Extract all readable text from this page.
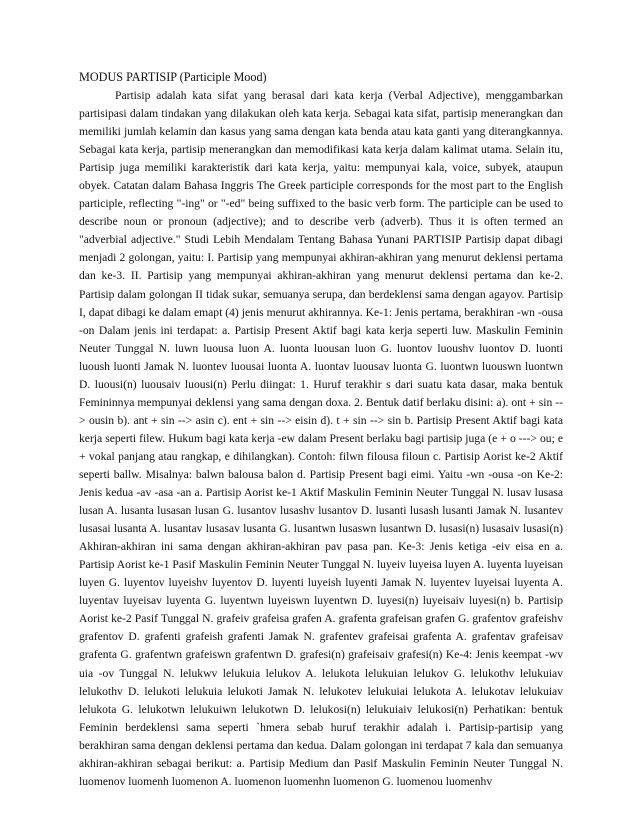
MODUS PARTISIP (Participle Mood)

Partisip adalah kata sifat yang berasal dari kata kerja (Verbal Adjective), menggambarkan partisipasi dalam tindakan yang dilakukan oleh kata kerja. Sebagai kata sifat, partisip menerangkan dan memiliki jumlah kelamin dan kasus yang sama dengan kata benda atau kata ganti yang diterangkannya. Sebagai kata kerja, partisip menerangkan dan memodifikasi kata kerja dalam kalimat utama. Selain itu, Partisip juga memiliki karakteristik dari kata kerja, yaitu: mempunyai kala, voice, subyek, ataupun obyek. Catatan dalam Bahasa Inggris The Greek participle corresponds for the most part to the English participle, reflecting "-ing" or "-ed" being suffixed to the basic verb form. The participle can be used to describe noun or pronoun (adjective); and to describe verb (adverb). Thus it is often termed an "adverbial adjective." Studi Lebih Mendalam Tentang Bahasa Yunani PARTISIP Partisip dapat dibagi menjadi 2 golongan, yaitu: I. Partisip yang mempunyai akhiran-akhiran yang menurut deklensi pertama dan ke-3. II. Partisip yang mempunyai akhiran-akhiran yang menurut deklensi pertama dan ke-2. Partisip dalam golongan II tidak sukar, semuanya serupa, dan berdeklensi sama dengan agayov. Partisip I, dapat dibagi ke dalam emapt (4) jenis menurut akhirannya. Ke-1: Jenis pertama, berakhiran -wn -ousa -on Dalam jenis ini terdapat: a. Partisip Present Aktif bagi kata kerja seperti luw. Maskulin Feminin Neuter Tunggal N. luwn luousa luon A. luonta luousan luon G. luontov luoushv luontov D. luonti luoush luonti Jamak N. luontev luousai luonta A. luontav luousav luonta G. luontwn luouswn luontwn D. luousi(n) luousaiv luousi(n) Perlu diingat: 1. Huruf terakhir s dari suatu kata dasar, maka bentuk Femininnya mempunyai deklensi yang sama dengan doxa. 2. Bentuk datif berlaku disini: a). ont + sin --> ousin b). ant + sin --> asin c). ent + sin --> eisin d). t + sin --> sin b. Partisip Present Aktif bagi kata kerja seperti filew. Hukum bagi kata kerja -ew dalam Present berlaku bagi partisip juga (e + o ---> ou; e + vokal panjang atau rangkap, e dihilangkan). Contoh: filwn filousa filoun c. Partisip Aorist ke-2 Aktif seperti ballw. Misalnya: balwn balousa balon d. Partisip Present bagi eimi. Yaitu -wn -ousa -on Ke-2: Jenis kedua -av -asa -an a. Partisip Aorist ke-1 Aktif Maskulin Feminin Neuter Tunggal N. lusav lusasa lusan A. lusanta lusasan lusan G. lusantov lusashv lusantov D. lusanti lusash lusanti Jamak N. lusantev lusasai lusanta A. lusantav lusasav lusanta G. lusantwn lusaswn lusantwn D. lusasi(n) lusasaiv lusasi(n) Akhiran-akhiran ini sama dengan akhiran-akhiran pav pasa pan. Ke-3: Jenis ketiga -eiv eisa en a. Partisip Aorist ke-1 Pasif Maskulin Feminin Neuter Tunggal N. luyeiv luyeisa luyen A. luyenta luyeisan luyen G. luyentov luyeishv luyentov D. luyenti luyeish luyenti Jamak N. luyentev luyeisai luyenta A. luyentav luyeisav luyenta G. luyentwn luyeiswn luyentwn D. luyesi(n) luyeisaiv luyesi(n) b. Partisip Aorist ke-2 Pasif Tunggal N. grafeiv grafeisa grafen A. grafenta grafeisan grafen G. grafentov grafeishv grafentov D. grafenti grafeish grafenti Jamak N. grafentev grafeisai grafenta A. grafentav grafeisav grafenta G. grafentwn grafeiswn grafentwn D. grafesi(n) grafeisaiv grafesi(n) Ke-4: Jenis keempat -wv uia -ov Tunggal N. lelukwv lelukuia lelukov A. lelukota lelukuian lelukov G. lelukothv lelukuiav lelukothv D. lelukoti lelukuia lelukoti Jamak N. lelukotev lelukuiai lelukota A. lelukotav lelukuiav lelukota G. lelukotwn lelukuiwn lelukotwn D. lelukosi(n) lelukuiaiv lelukosi(n) Perhatikan: bentuk Feminin berdeklensi sama seperti `hmera sebab huruf terakhir adalah i. Partisip-partisip yang berakhiran sama dengan deklensi pertama dan kedua. Dalam golongan ini terdapat 7 kala dan semuanya akhiran-akhiran sebagai berikut: a. Partisip Medium dan Pasif Maskulin Feminin Neuter Tunggal N. luomenov luomenh luomenon A. luomenon luomenhn luomenon G. luomenou luomenhv
